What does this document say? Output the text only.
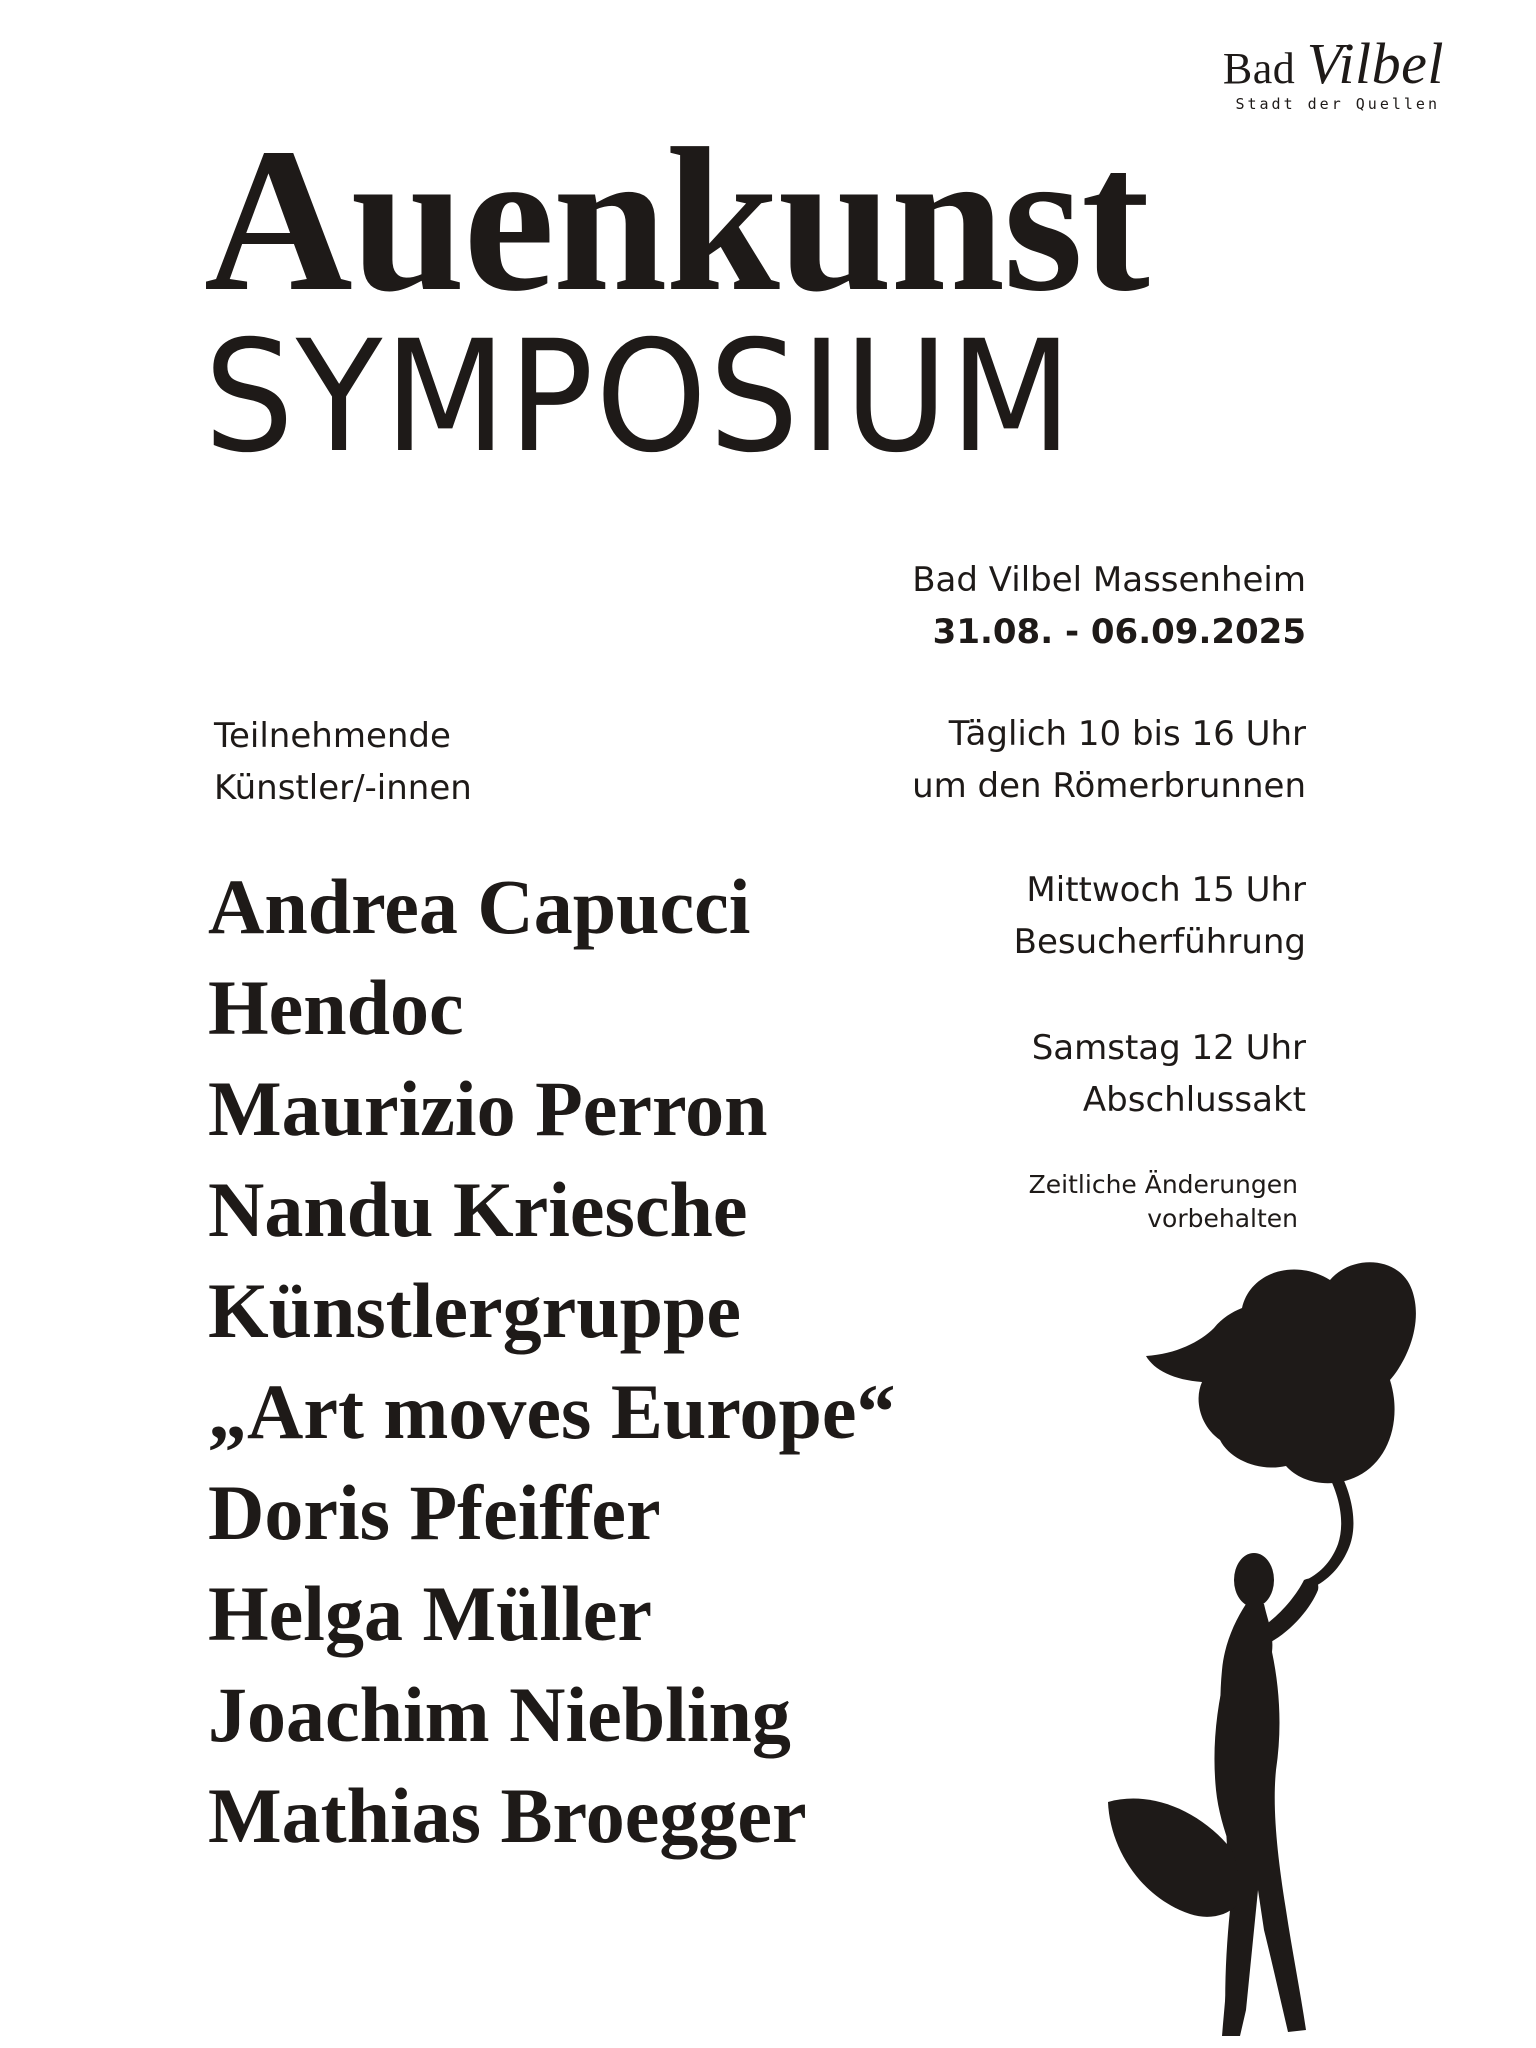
Bad Vilbel
Stadt der Quellen
Auenkunst
SYMPOSIUM
Bad Vilbel Massenheim
31.08. - 06.09.2025
Teilnehmende
Künstler/-innen
Täglich 10 bis 16 Uhr
um den Römerbrunnen
Mittwoch 15 Uhr
Besucherführung
Samstag 12 Uhr
Abschlussakt
Zeitliche Änderungen
vorbehalten
Andrea Capucci
Hendoc
Maurizio Perron
Nandu Kriesche
Künstlergruppe
„Art moves Europe“
Doris Pfeiffer
Helga Müller
Joachim Niebling
Mathias Broegger
